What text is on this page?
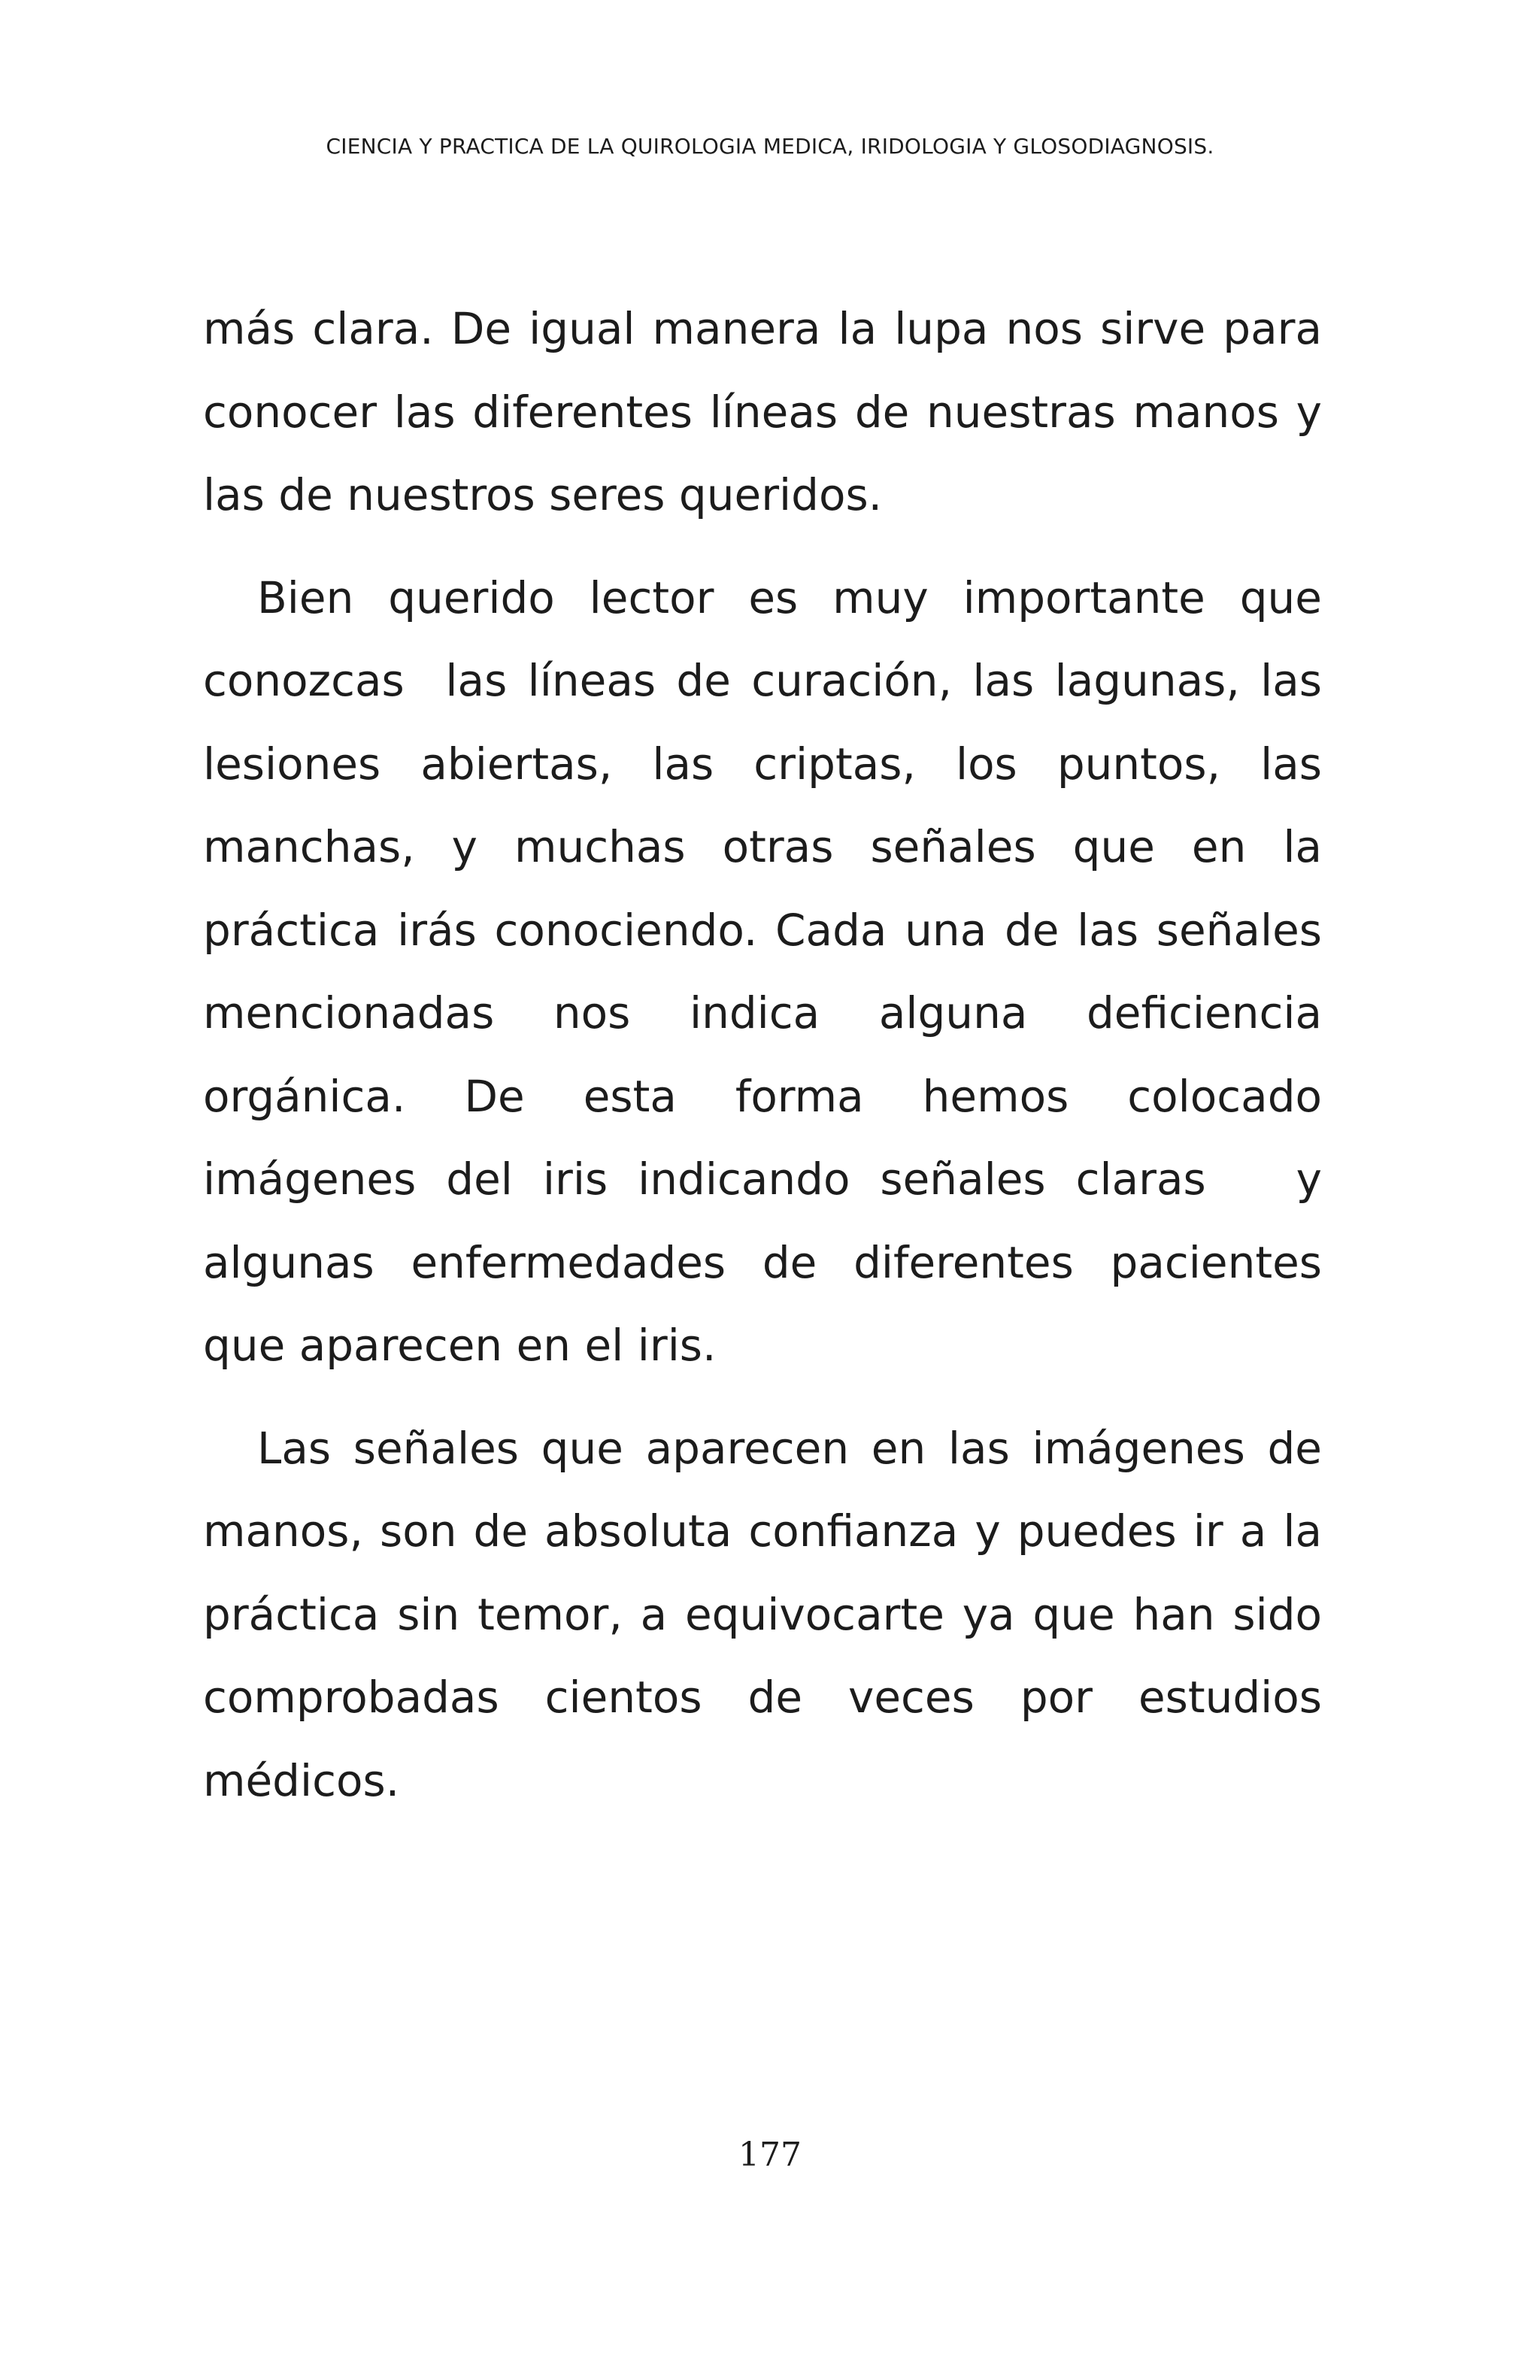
CIENCIA Y PRACTICA DE LA QUIROLOGIA MEDICA, IRIDOLOGIA Y GLOSODIAGNOSIS.

más clara. De igual manera la lupa nos sirve para conocer las diferentes líneas de nuestras manos y las de nuestros seres queridos.

Bien querido lector es muy importante que conozcas  las líneas de curación, las lagunas, las lesiones abiertas, las criptas, los puntos, las manchas, y muchas otras señales que en la práctica irás conociendo. Cada una de las señales mencionadas nos indica alguna deficiencia orgánica. De esta forma hemos colocado imágenes del iris indicando señales claras   y algunas enfermedades de diferentes pacientes que aparecen en el iris.

Las señales que aparecen en las imágenes de manos, son de absoluta confianza y puedes ir a la práctica sin temor, a equivocarte ya que han sido comprobadas cientos de veces por estudios médicos.

177
